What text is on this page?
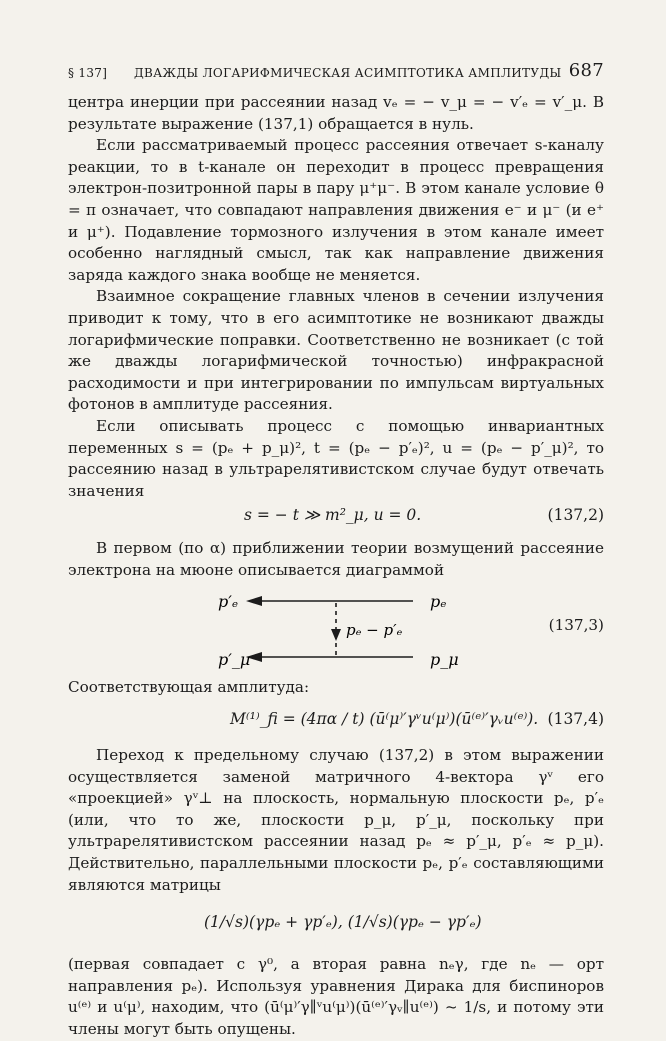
§ 137] ДВАЖДЫ ЛОГАРИФМИЧЕСКАЯ АСИМПТОТИКА АМПЛИТУДЫ 687

центра инерции при рассеянии назад vₑ = − v_μ = − v′ₑ = v′_μ. В результате выражение (137,1) обращается в нуль.

Если рассматриваемый процесс рассеяния отвечает s-каналу реакции, то в t-канале он переходит в процесс превращения электрон-позитронной пары в пару μ⁺μ⁻. В этом канале условие θ = π означает, что совпадают направления движения e⁻ и μ⁻ (и e⁺ и μ⁺). Подавление тормозного излучения в этом канале имеет особенно наглядный смысл, так как направление движения заряда каждого знака вообще не меняется.

Взаимное сокращение главных членов в сечении излучения приводит к тому, что в его асимптотике не возникают дважды логарифмические поправки. Соответственно не возникает (с той же дважды логарифмической точностью) инфракрасной расходимости и при интегрировании по импульсам виртуальных фотонов в амплитуде рассеяния.

Если описывать процесс с помощью инвариантных переменных s = (pₑ + p_μ)², t = (pₑ − p′ₑ)², u = (pₑ − p′_μ)², то рассеянию назад в ультрарелятивистском случае будут отвечать значения

s = − t ≫ m²_μ, u = 0.	(137,2)

В первом (по α) приближении теории возмущений рассеяние электрона на мюоне описывается диаграммой

p′ₑ	pₑ
pₑ − p′ₑ
p′_μ	p_μ
(137,3)

Соответствующая амплитуда:

M⁽¹⁾_fi = (4πα / t) (ū⁽μ⁾′γᵛu⁽μ⁾)(ū⁽ᵉ⁾′γᵥu⁽ᵉ⁾). (137,4)

Переход к предельному случаю (137,2) в этом выражении осуществляется заменой матричного 4-вектора γᵛ его «проекцией» γᵛ⊥ на плоскость, нормальную плоскости pₑ, p′ₑ (или, что то же, плоскости p_μ, p′_μ, поскольку при ультрарелятивистском рассеянии назад pₑ ≈ p′_μ, p′ₑ ≈ p_μ). Действительно, параллельными плоскости pₑ, p′ₑ составляющими являются матрицы

(1/√s)(γpₑ + γp′ₑ), (1/√s)(γpₑ − γp′ₑ)

(первая совпадает с γ⁰, а вторая равна nₑγ, где nₑ — орт направления pₑ). Используя уравнения Дирака для биспиноров u⁽ᵉ⁾ и u⁽μ⁾, находим, что (ū⁽μ⁾′γ∥ᵛu⁽μ⁾)(ū⁽ᵉ⁾′γᵥ∥u⁽ᵉ⁾) ~ 1/s, и потому эти члены могут быть опущены.
